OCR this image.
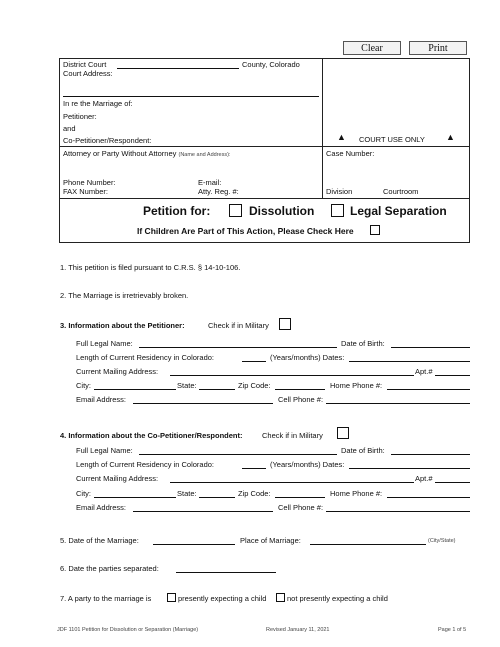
Clear	Print
District Court	County, Colorado
Court Address:
In re the Marriage of:
Petitioner:
and
Co-Petitioner/Respondent:	▲ COURT USE ONLY ▲
Attorney or Party Without Attorney (Name and Address):	Case Number:
Phone Number:	E-mail:
FAX Number:	Atty. Reg. #:	Division	Courtroom
Petition for:	Dissolution	Legal Separation
If Children Are Part of This Action, Please Check Here
1. This petition is filed pursuant to C.R.S. § 14-10-106.
2. The Marriage is irretrievably broken.
3. Information about the Petitioner:	Check if in Military
Full Legal Name:	Date of Birth:
Length of Current Residency in Colorado:	(Years/months) Dates:
Current Mailing Address:	Apt.#
City:	State:	Zip Code:	Home Phone #:
Email Address:	Cell Phone #:
4. Information about the Co-Petitioner/Respondent:	Check if in Military
Full Legal Name:	Date of Birth:
Length of Current Residency in Colorado:	(Years/months) Dates:
Current Mailing Address:	Apt.#
City:	State:	Zip Code:	Home Phone #:
Email Address:	Cell Phone #:
5. Date of the Marriage:	Place of Marriage:	(City/State)
6. Date the parties separated:
7. A party to the marriage is	presently expecting a child	not presently expecting a child
JDF 1101 Petition for Dissolution or Separation (Marriage)	Revised January 11, 2021	Page 1 of 5
